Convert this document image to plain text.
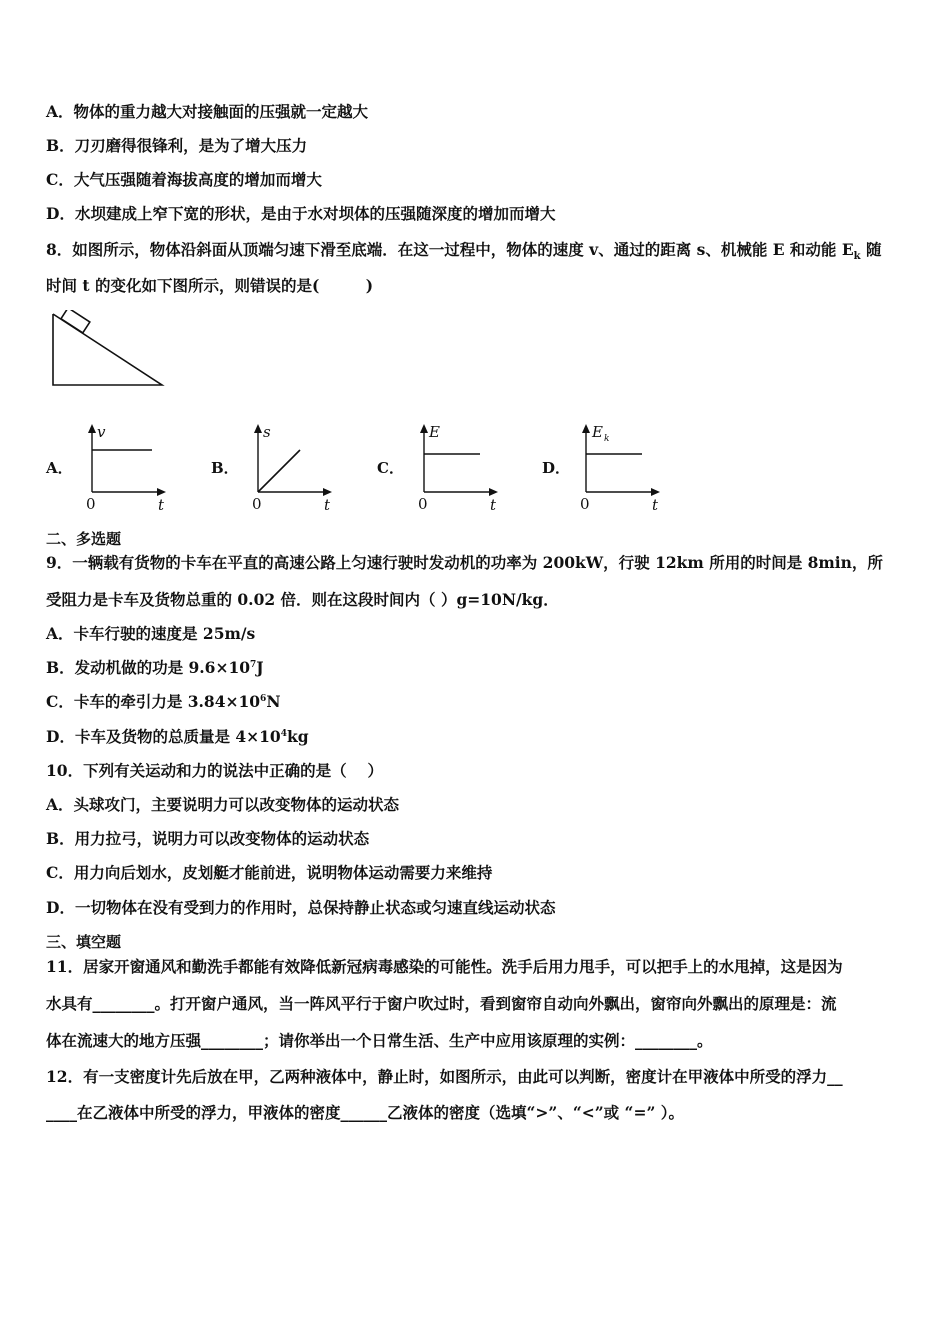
A．物体的重力越大对接触面的压强就一定越大
B．刀刃磨得很锋利，是为了增大压力
C．大气压强随着海拔高度的增加而增大
D．水坝建成上窄下宽的形状，是由于水对坝体的压强随深度的增加而增大
8．如图所示，物体沿斜面从顶端匀速下滑至底端．在这一过程中，物体的速度 v、通过的距离 s、机械能 E 和动能 $E_k$ 随
时间 t 的变化如下图所示，则错误的是(　　　)
A．	B．	C．	D．
v
t
0
s
t
0
E
t
0
E k
t
0
二、多选题
9．一辆载有货物的卡车在平直的高速公路上匀速行驶时发动机的功率为 200kW，行驶 12km 所用的时间是 8min，所
受阻力是卡车及货物总重的 0.02 倍．则在这段时间内（ ）g=10N/kg．
A．卡车行驶的速度是 25m/s
B．发动机做的功是 $9.6\times 10^7J$
C．卡车的牵引力是 $3.84\times 10^6N$
D．卡车及货物的总质量是 $4\times 10^4kg$
10．下列有关运动和力的说法中正确的是（　 ）
A．头球攻门，主要说明力可以改变物体的运动状态
B．用力拉弓，说明力可以改变物体的运动状态
C．用力向后划水，皮划艇才能前进，说明物体运动需要力来维持
D．一切物体在没有受到力的作用时，总保持静止状态或匀速直线运动状态
三、填空题
11．居家开窗通风和勤洗手都能有效降低新冠病毒感染的可能性。洗手后用力甩手，可以把手上的水甩掉，这是因为
水具有________。打开窗户通风，当一阵风平行于窗户吹过时，看到窗帘自动向外飘出，窗帘向外飘出的原理是：流
体在流速大的地方压强________；请你举出一个日常生活、生产中应用该原理的实例：________。
12．有一支密度计先后放在甲，乙两种液体中，静止时，如图所示，由此可以判断，密度计在甲液体中所受的浮力__
____在乙液体中所受的浮力，甲液体的密度______乙液体的密度（选填“>”、“<”或 “=” ）。
